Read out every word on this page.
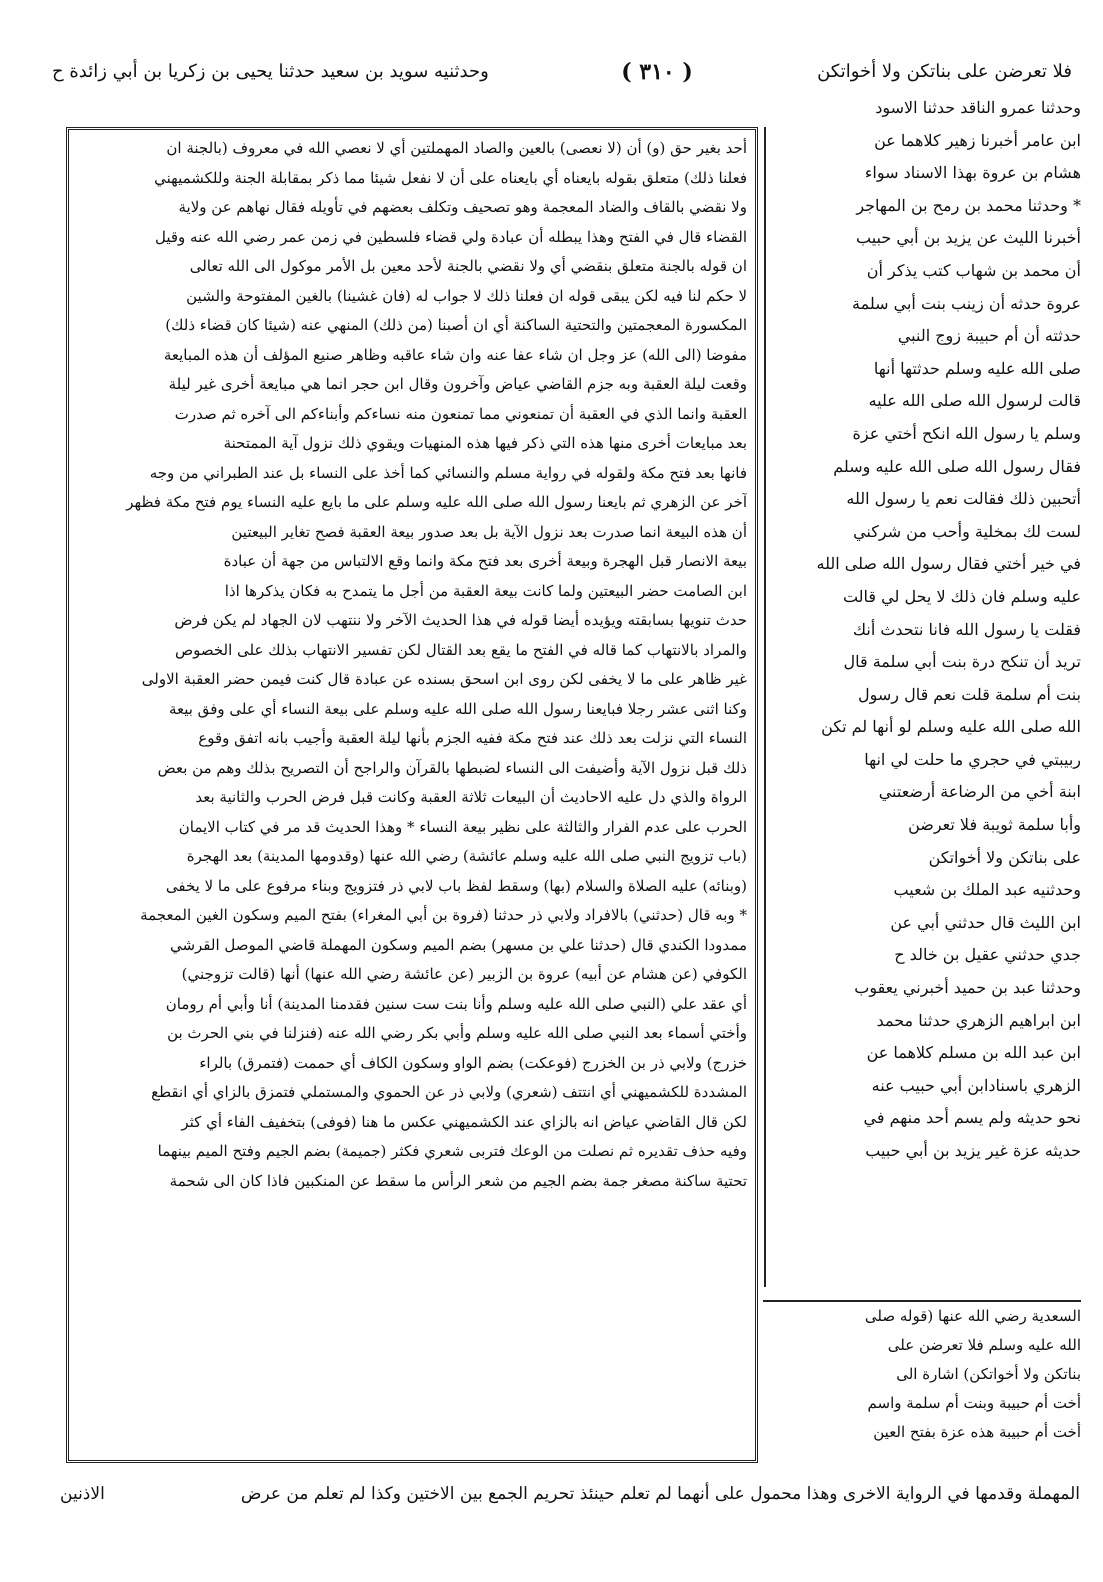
فلا تعرضن على بناتكن ولا أخواتكن
( ٣١٠ )
وحدثنيه سويد بن سعيد حدثنا يحيى بن زكريا بن أبي زائدة ح
وحدثنا عمرو الناقد حدثنا الاسود
ابن عامر أخبرنا زهير كلاهما عن
هشام بن عروة بهذا الاسناد سواء
* وحدثنا محمد بن رمح بن المهاجر
أخبرنا الليث عن يزيد بن أبي حبيب
أن محمد بن شهاب كتب يذكر أن
عروة حدثه أن زينب بنت أبي سلمة
حدثته أن أم حبيبة زوج النبي
صلى الله عليه وسلم حدثتها أنها
قالت لرسول الله صلى الله عليه
وسلم يا رسول الله انكح أختي عزة
فقال رسول الله صلى الله عليه وسلم
أتحبين ذلك فقالت نعم يا رسول الله
لست لك بمخلية وأحب من شركني
في خير أختي فقال رسول الله صلى الله
عليه وسلم فان ذلك لا يحل لي قالت
فقلت يا رسول الله فانا نتحدث أنك
تريد أن تنكح درة بنت أبي سلمة قال
بنت أم سلمة قلت نعم قال رسول
الله صلى الله عليه وسلم لو أنها لم تكن
ربيبتي في حجري ما حلت لي انها
ابنة أخي من الرضاعة أرضعتني
وأبا سلمة ثويبة فلا تعرضن
على بناتكن ولا أخواتكن
وحدثنيه عبد الملك بن شعيب
ابن الليث قال حدثني أبي عن
جدي حدثني عقيل بن خالد ح
وحدثنا عبد بن حميد أخبرني يعقوب
ابن ابراهيم الزهري حدثنا محمد
ابن عبد الله بن مسلم كلاهما عن
الزهري باسنادابن أبي حبيب عنه
نحو حديثه ولم يسم أحد منهم في
حديثه عزة غير يزيد بن أبي حبيب
أحد بغير حق (و) أن (لا نعصى) بالعين والصاد المهملتين أي لا نعصي الله في معروف (بالجنة ان
فعلنا ذلك) متعلق بقوله بايعناه أي بايعناه على أن لا نفعل شيئا مما ذكر بمقابلة الجنة وللكشميهني
ولا نقضي بالقاف والضاد المعجمة وهو تصحيف وتكلف بعضهم في تأويله فقال نهاهم عن ولاية
القضاء قال في الفتح وهذا يبطله أن عبادة ولي قضاء فلسطين في زمن عمر رضي الله عنه وقيل
ان قوله بالجنة متعلق بنقضي أي ولا نقضي بالجنة لأحد معين بل الأمر موكول الى الله تعالى
لا حكم لنا فيه لكن يبقى قوله ان فعلنا ذلك لا جواب له (فان غشينا) بالغين المفتوحة والشين
المكسورة المعجمتين والتحتية الساكنة أي ان أصبنا (من ذلك) المنهي عنه (شيئا كان قضاء ذلك)
مفوضا (الى الله) عز وجل ان شاء عفا عنه وان شاء عاقبه وظاهر صنيع المؤلف أن هذه المبايعة
وقعت ليلة العقبة وبه جزم القاضي عياض وآخرون وقال ابن حجر انما هي مبايعة أخرى غير ليلة
العقبة وانما الذي في العقبة أن تمنعوني مما تمنعون منه نساءكم وأبناءكم الى آخره ثم صدرت
بعد مبايعات أخرى منها هذه التي ذكر فيها هذه المنهيات ويقوي ذلك نزول آية الممتحنة
فانها بعد فتح مكة ولقوله في رواية مسلم والنسائي كما أخذ على النساء بل عند الطبراني من وجه
آخر عن الزهري ثم بايعنا رسول الله صلى الله عليه وسلم على ما بايع عليه النساء يوم فتح مكة فظهر
أن هذه البيعة انما صدرت بعد نزول الآية بل بعد صدور بيعة العقبة فصح تغاير البيعتين
بيعة الانصار قبل الهجرة وبيعة أخرى بعد فتح مكة وانما وقع الالتباس من جهة أن عبادة
ابن الصامت حضر البيعتين ولما كانت بيعة العقبة من أجل ما يتمدح به فكان يذكرها اذا
حدث تنويها بسابقته ويؤيده أيضا قوله في هذا الحديث الآخر ولا ننتهب لان الجهاد لم يكن فرض
والمراد بالانتهاب كما قاله في الفتح ما يقع بعد القتال لكن تفسير الانتهاب بذلك على الخصوص
غير ظاهر على ما لا يخفى لكن روى ابن اسحق بسنده عن عبادة قال كنت فيمن حضر العقبة الاولى
وكنا اثنى عشر رجلا فبايعنا رسول الله صلى الله عليه وسلم على بيعة النساء أي على وفق بيعة
النساء التي نزلت بعد ذلك عند فتح مكة ففيه الجزم بأنها ليلة العقبة وأجيب بانه اتفق وقوع
ذلك قبل نزول الآية وأضيفت الى النساء لضبطها بالقرآن والراجح أن التصريح بذلك وهم من بعض
الرواة والذي دل عليه الاحاديث أن البيعات ثلاثة العقبة وكانت قبل فرض الحرب والثانية بعد
الحرب على عدم الفرار والثالثة على نظير بيعة النساء * وهذا الحديث قد مر في كتاب الايمان
(باب تزويج النبي صلى الله عليه وسلم عائشة) رضي الله عنها (وقدومها المدينة) بعد الهجرة
(وبنائه) عليه الصلاة والسلام (بها) وسقط لفظ باب لابي ذر فتزويج وبناء مرفوع على ما لا يخفى
* وبه قال (حدثني) بالافراد ولابي ذر حدثنا (فروة بن أبي المغراء) بفتح الميم وسكون الغين المعجمة
ممدودا الكندي قال (حدثنا علي بن مسهر) بضم الميم وسكون المهملة قاضي الموصل القرشي
الكوفي (عن هشام عن أبيه) عروة بن الزبير (عن عائشة رضي الله عنها) أنها (قالت تزوجني)
أي عقد علي (النبي صلى الله عليه وسلم وأنا بنت ست سنين فقدمنا المدينة) أنا وأبي أم رومان
وأختي أسماء بعد النبي صلى الله عليه وسلم وأبي بكر رضي الله عنه (فنزلنا في بني الحرث بن
خزرج) ولابي ذر بن الخزرج (فوعكت) بضم الواو وسكون الكاف أي حممت (فتمرق) بالراء
المشددة للكشميهني أي انتتف (شعري) ولابي ذر عن الحموي والمستملي فتمزق بالزاي أي انقطع
لكن قال القاضي عياض انه بالزاي عند الكشميهني عكس ما هنا (فوفى) بتخفيف الفاء أي كثر
وفيه حذف تقديره ثم نصلت من الوعك فتربى شعري فكثر (جميمة) بضم الجيم وفتح الميم بينهما
تحتية ساكنة مصغر جمة بضم الجيم من شعر الرأس ما سقط عن المنكبين فاذا كان الى شحمة
السعدية رضي الله عنها (قوله صلى
الله عليه وسلم فلا تعرضن على
بناتكن ولا أخواتكن) اشارة الى
أخت أم حبيبة وبنت أم سلمة واسم
أخت أم حبيبة هذه عزة بفتح العين
المهملة وقدمها في الرواية الاخرى وهذا محمول على أنهما لم تعلم حينئذ تحريم الجمع بين الاختين وكذا لم تعلم من عرض
الاذنين
